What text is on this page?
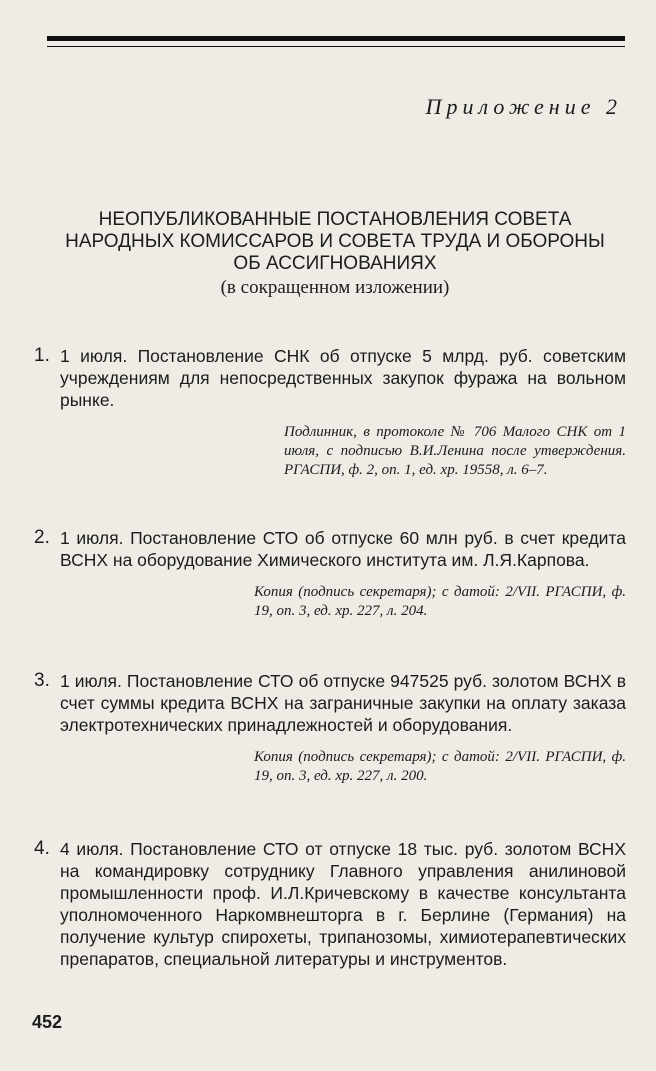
Приложение 2
НЕОПУБЛИКОВАННЫЕ ПОСТАНОВЛЕНИЯ СОВЕТА
НАРОДНЫХ КОМИССАРОВ И СОВЕТА ТРУДА И ОБОРОНЫ
ОБ АССИГНОВАНИЯХ
(в сокращенном изложении)
1. 1 июля. Постановление СНК об отпуске 5 млрд. руб. советским учреждениям для непосредственных закупок фуража на вольном рынке.
Подлинник, в протоколе № 706 Малого СНК от 1 июля, с подписью В.И.Ленина после утверждения. РГАСПИ, ф. 2, оп. 1, ед. хр. 19558, л. 6–7.
2. 1 июля. Постановление СТО об отпуске 60 млн руб. в счет кредита ВСНХ на оборудование Химического института им. Л.Я.Карпова.
Копия (подпись секретаря); с датой: 2/VII. РГАСПИ, ф. 19, оп. 3, ед. хр. 227, л. 204.
3. 1 июля. Постановление СТО об отпуске 947525 руб. золотом ВСНХ в счет суммы кредита ВСНХ на заграничные закупки на оплату заказа электротехнических принадлежностей и оборудования.
Копия (подпись секретаря); с датой: 2/VII. РГАСПИ, ф. 19, оп. 3, ед. хр. 227, л. 200.
4. 4 июля. Постановление СТО от отпуске 18 тыс. руб. золотом ВСНХ на командировку сотруднику Главного управления анилиновой промышленности проф. И.Л.Кричевскому в качестве консультанта уполномоченного Наркомвнешторга в г. Берлине (Германия) на получение культур спирохеты, трипанозомы, химиотерапевтических препаратов, специальной литературы и инструментов.
452
